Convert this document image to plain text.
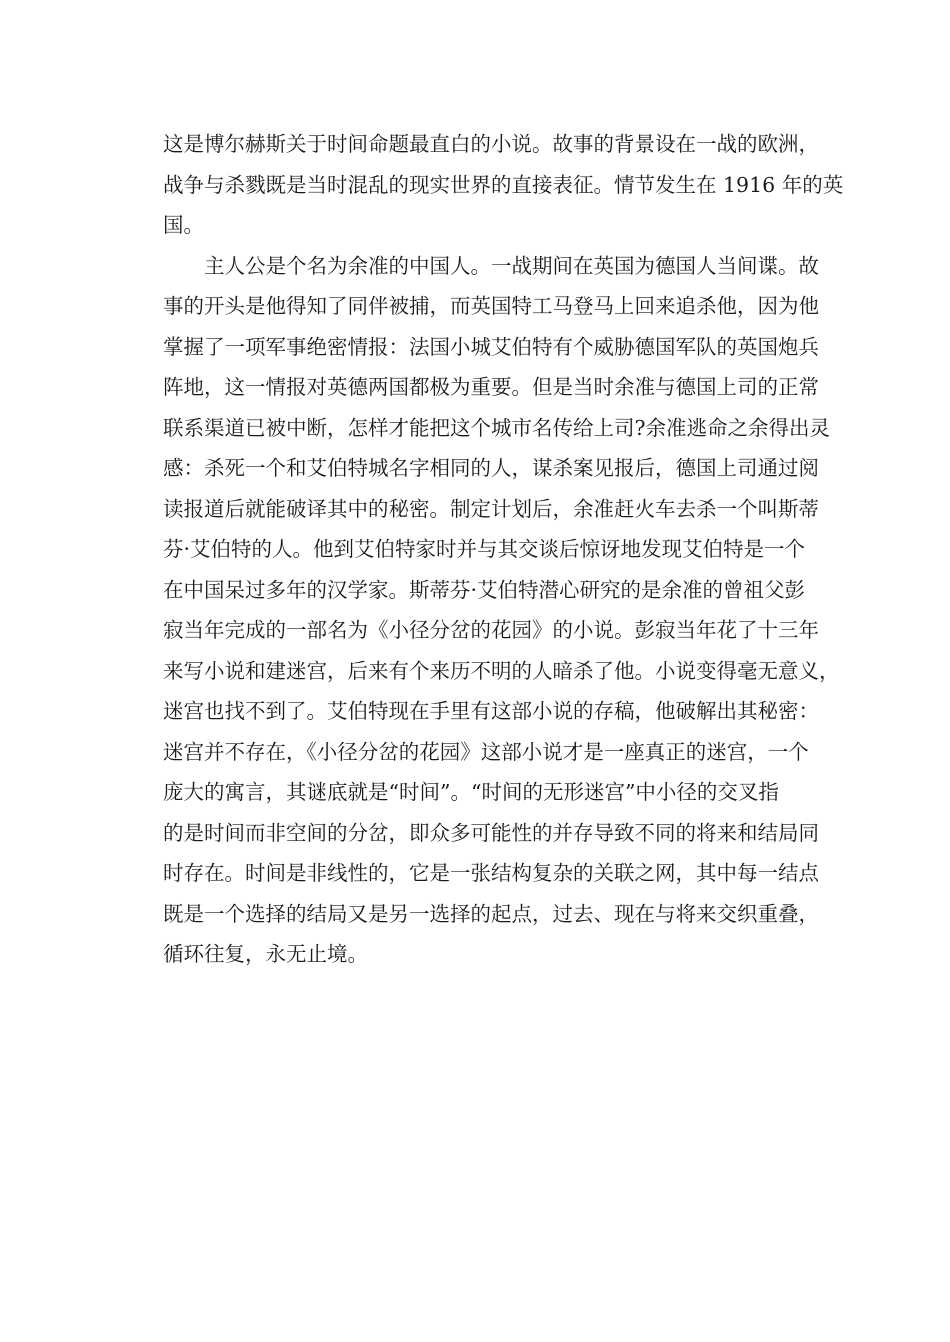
这是博尔赫斯关于时间命题最直白的小说。故事的背景设在一战的欧洲，
战争与杀戮既是当时混乱的现实世界的直接表征。情节发生在 1916 年的英
国。
主人公是个名为余准的中国人。一战期间在英国为德国人当间谍。故
事的开头是他得知了同伴被捕，而英国特工马登马上回来追杀他，因为他
掌握了一项军事绝密情报：法国小城艾伯特有个威胁德国军队的英国炮兵
阵地，这一情报对英德两国都极为重要。但是当时余准与德国上司的正常
联系渠道已被中断，怎样才能把这个城市名传给上司?余准逃命之余得出灵
感：杀死一个和艾伯特城名字相同的人，谋杀案见报后，德国上司通过阅
读报道后就能破译其中的秘密。制定计划后，余准赶火车去杀一个叫斯蒂
芬·艾伯特的人。他到艾伯特家时并与其交谈后惊讶地发现艾伯特是一个
在中国呆过多年的汉学家。斯蒂芬·艾伯特潜心研究的是余准的曾祖父彭
寂当年完成的一部名为《小径分岔的花园》的小说。彭寂当年花了十三年
来写小说和建迷宫，后来有个来历不明的人暗杀了他。小说变得毫无意义，
迷宫也找不到了。艾伯特现在手里有这部小说的存稿，他破解出其秘密：
迷宫并不存在，《小径分岔的花园》这部小说才是一座真正的迷宫，一个
庞大的寓言，其谜底就是“时间”。“时间的无形迷宫”中小径的交叉指
的是时间而非空间的分岔，即众多可能性的并存导致不同的将来和结局同
时存在。时间是非线性的，它是一张结构复杂的关联之网，其中每一结点
既是一个选择的结局又是另一选择的起点，过去、现在与将来交织重叠，
循环往复，永无止境。
